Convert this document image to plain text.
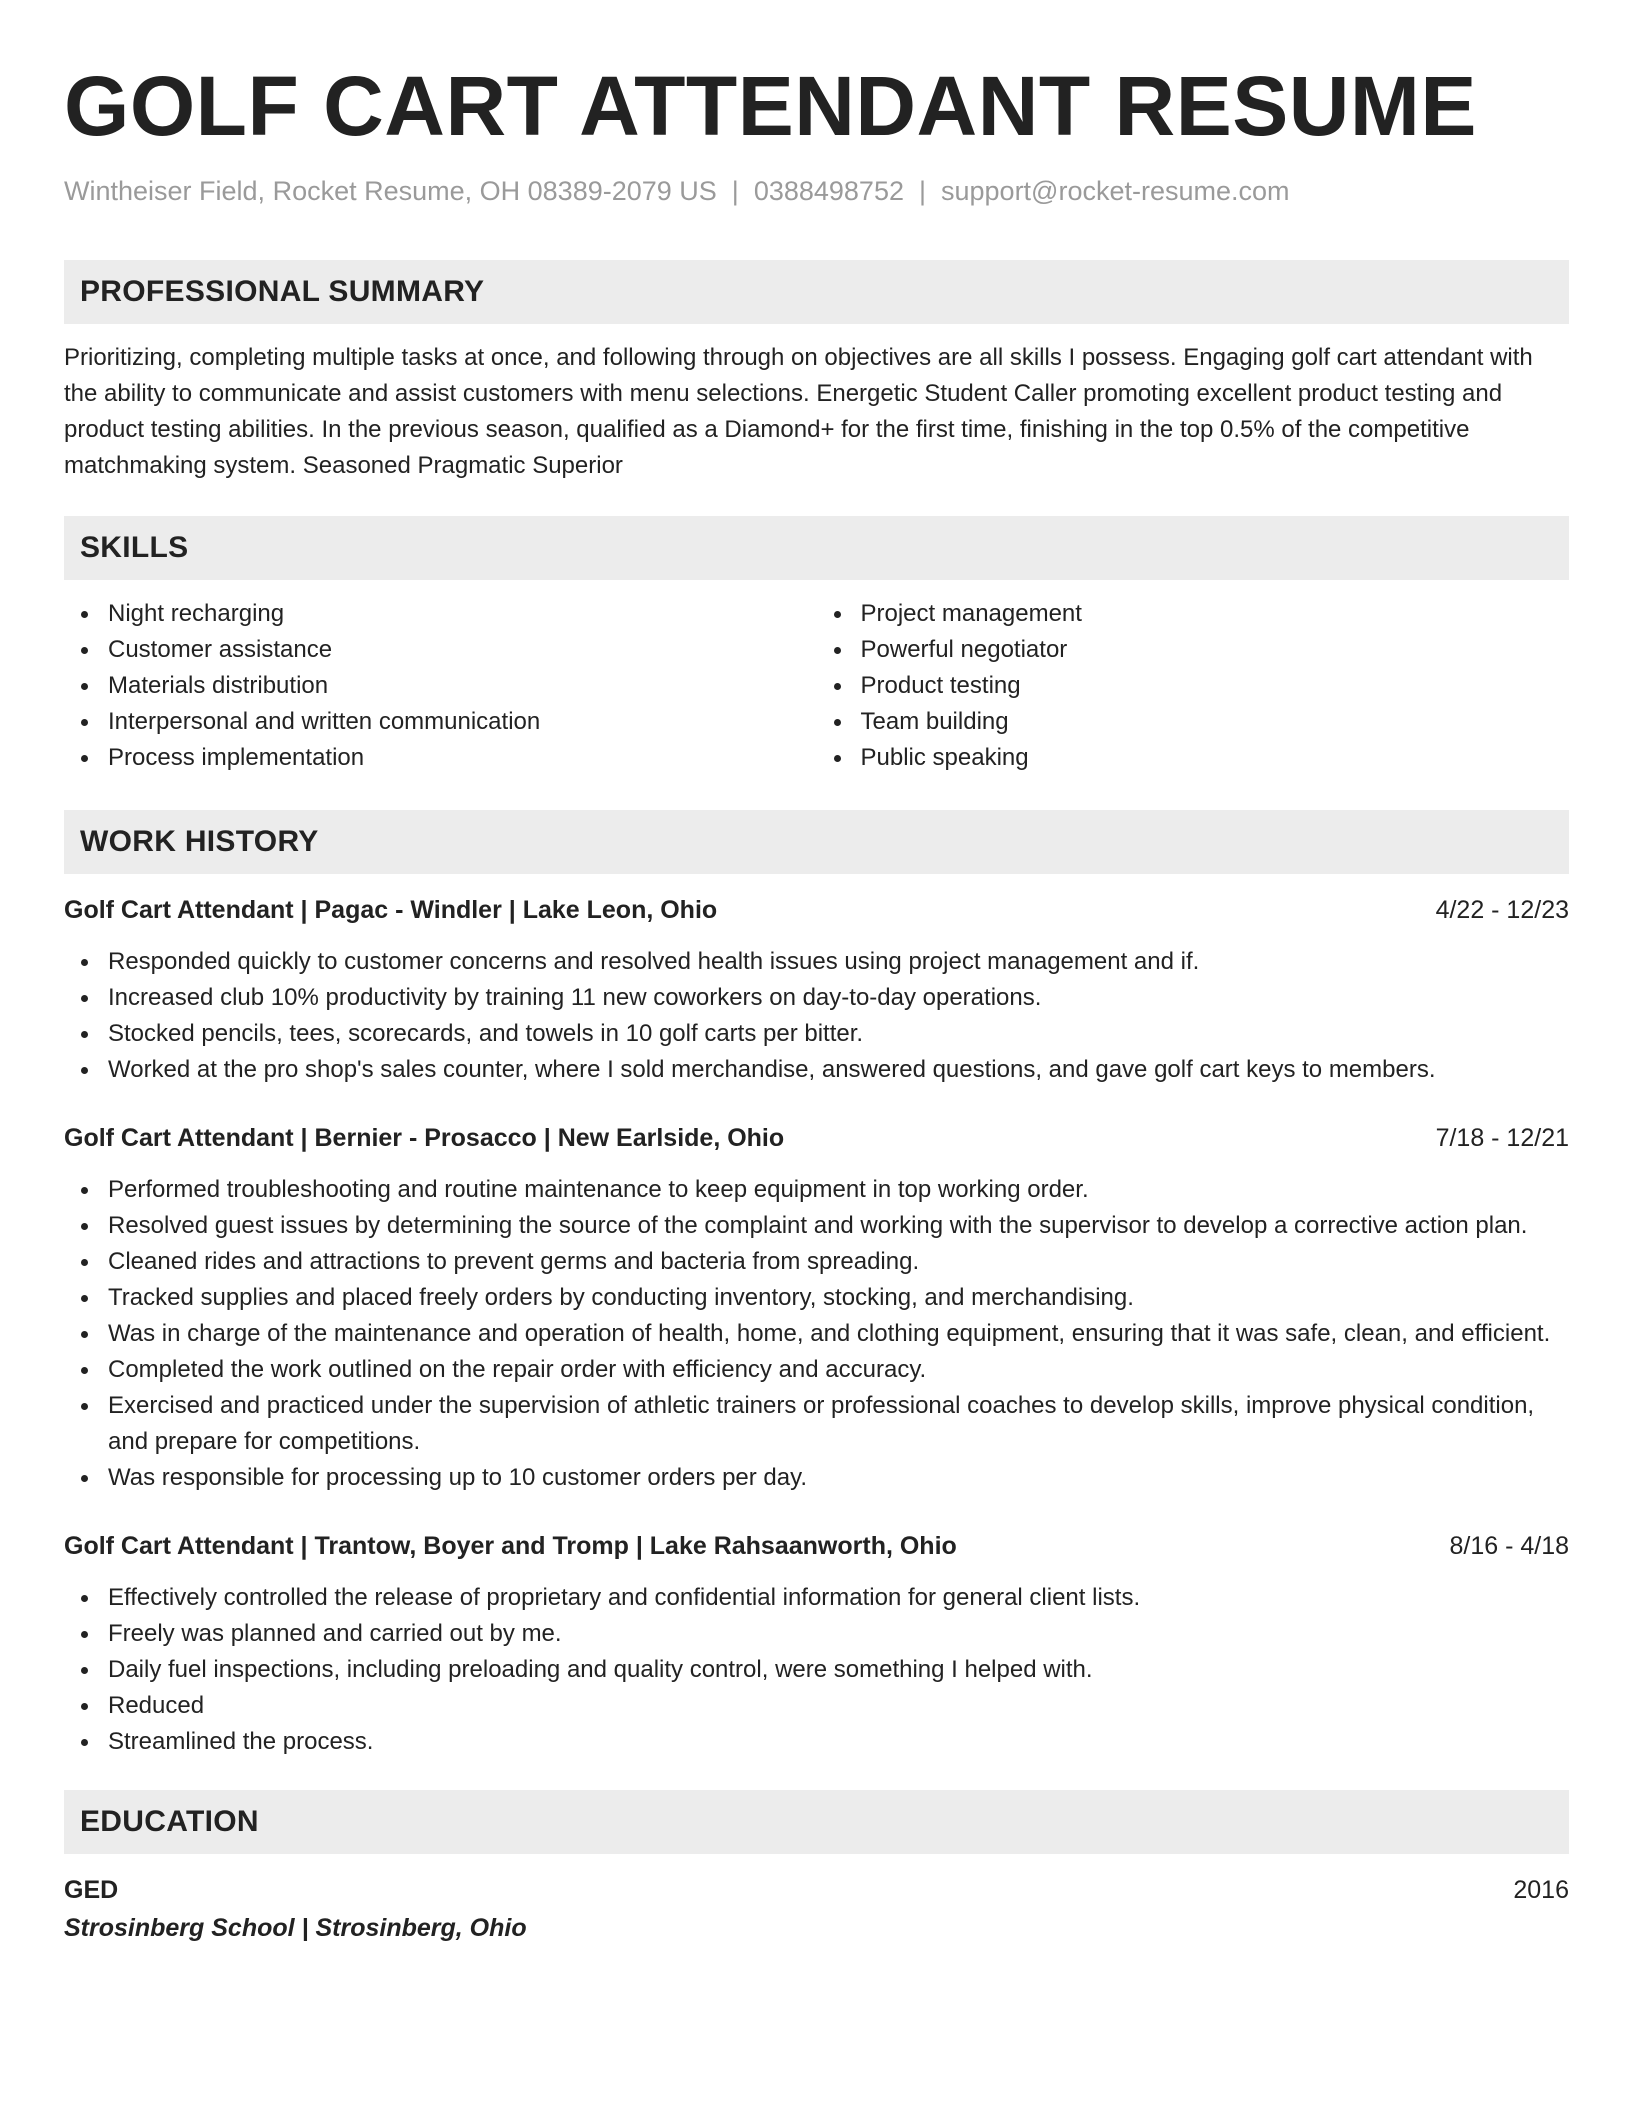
GOLF CART ATTENDANT RESUME
Wintheiser Field, Rocket Resume, OH 08389-2079 US | 0388498752 | support@rocket-resume.com
PROFESSIONAL SUMMARY

Prioritizing, completing multiple tasks at once, and following through on objectives are all skills I possess. Engaging golf cart attendant with the ability to communicate and assist customers with menu selections. Energetic Student Caller promoting excellent product testing and product testing abilities. In the previous season, qualified as a Diamond+ for the first time, finishing in the top 0.5% of the competitive matchmaking system. Seasoned Pragmatic Superior

SKILLS
Night recharging
Customer assistance
Materials distribution
Interpersonal and written communication
Process implementation
Project management
Powerful negotiator
Product testing
Team building
Public speaking
WORK HISTORY
Golf Cart Attendant | Pagac - Windler | Lake Leon, Ohio	4/22 - 12/23
Responded quickly to customer concerns and resolved health issues using project management and if.
Increased club 10% productivity by training 11 new coworkers on day-to-day operations.
Stocked pencils, tees, scorecards, and towels in 10 golf carts per bitter.
Worked at the pro shop's sales counter, where I sold merchandise, answered questions, and gave golf cart keys to members.
Golf Cart Attendant | Bernier - Prosacco | New Earlside, Ohio	7/18 - 12/21
Performed troubleshooting and routine maintenance to keep equipment in top working order.
Resolved guest issues by determining the source of the complaint and working with the supervisor to develop a corrective action plan.
Cleaned rides and attractions to prevent germs and bacteria from spreading.
Tracked supplies and placed freely orders by conducting inventory, stocking, and merchandising.
Was in charge of the maintenance and operation of health, home, and clothing equipment, ensuring that it was safe, clean, and efficient.
Completed the work outlined on the repair order with efficiency and accuracy.
Exercised and practiced under the supervision of athletic trainers or professional coaches to develop skills, improve physical condition, and prepare for competitions.
Was responsible for processing up to 10 customer orders per day.
Golf Cart Attendant | Trantow, Boyer and Tromp | Lake Rahsaanworth, Ohio	8/16 - 4/18
Effectively controlled the release of proprietary and confidential information for general client lists.
Freely was planned and carried out by me.
Daily fuel inspections, including preloading and quality control, were something I helped with.
Reduced
Streamlined the process.
EDUCATION
GED	2016
Strosinberg School | Strosinberg, Ohio
